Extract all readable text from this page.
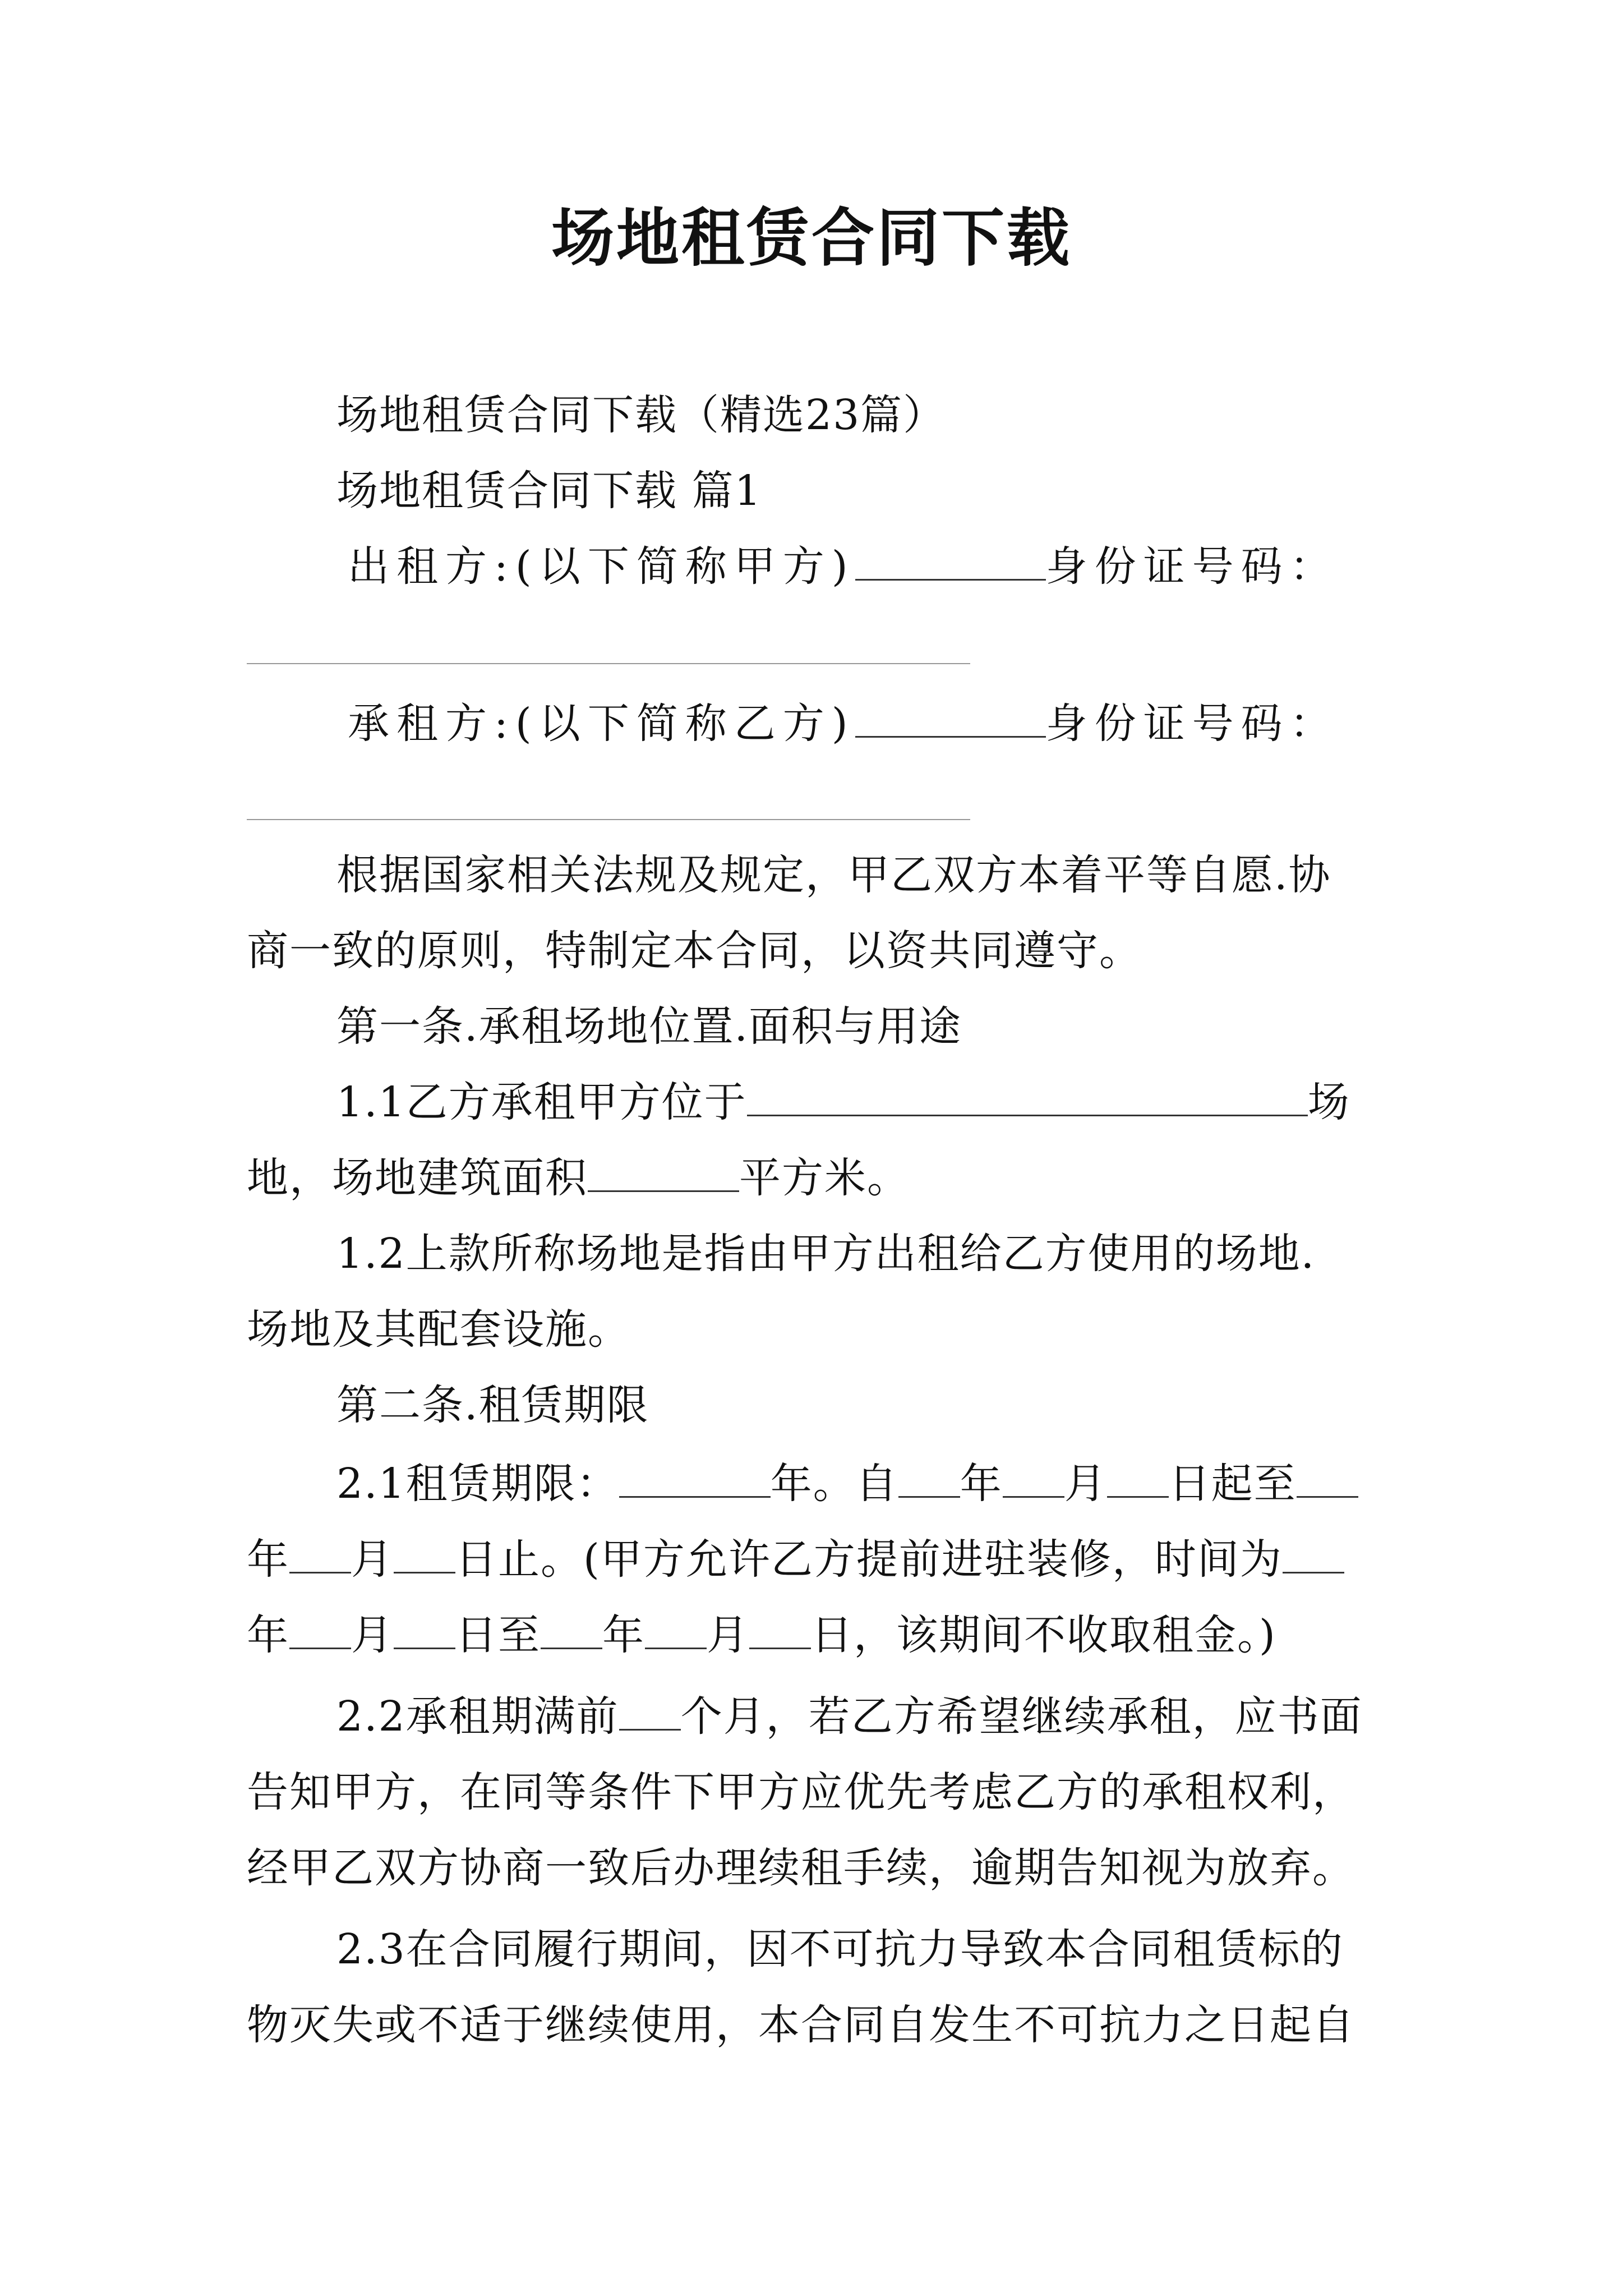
场地租赁合同下载
场地租赁合同下载（精选23篇）
场地租赁合同下载 篇1
出租方:(以下简称甲方)	身份证号码：
承租方:(以下简称乙方)	身份证号码：
根据国家相关法规及规定，甲乙双方本着平等自愿.协
商一致的原则，特制定本合同，以资共同遵守。
第一条.承租场地位置.面积与用途
1.1乙方承租甲方位于	场
地，场地建筑面积	平方米。
1.2上款所称场地是指由甲方出租给乙方使用的场地.
场地及其配套设施。
第二条.租赁期限
2.1租赁期限：	年。自 年 月 日起至
年 月 日止。(甲方允许乙方提前进驻装修，时间为
年 月 日至 年 月 日，该期间不收取租金。)
2.2承租期满前 个月，若乙方希望继续承租，应书面
告知甲方，在同等条件下甲方应优先考虑乙方的承租权利，
经甲乙双方协商一致后办理续租手续，逾期告知视为放弃。
2.3在合同履行期间，因不可抗力导致本合同租赁标的
物灭失或不适于继续使用，本合同自发生不可抗力之日起自
